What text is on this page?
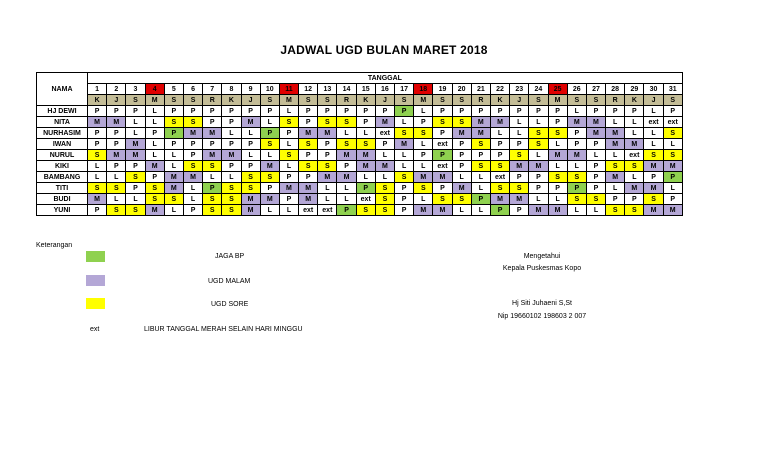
JADWAL UGD BULAN MARET 2018
NAMA	TANGGAL																														
	1	2	3	4	5	6	7	8	9	10	11	12	13	14	15	16	17	18	19	20	21	22	23	24	25	26	27	28	29	30	31
	K	J	S	M	S	S	R	K	J	S	M	S	S	R	K	J	S	M	S	S	R	K	J	S	M	S	S	R	K	J	S
HJ DEWI	P	P	P	L	P	P	P	P	P	P	L	P	P	P	P	P	P	L	P	P	P	P	P	P	P	L	P	P	P	L	P
NITA	M	M	L	L	S	S	P	P	M	L	S	P	S	S	P	M	L	P	S	S	M	M	L	L	P	M	M	L	L	ext	ext
NURHASIM	P	P	L	P	P	M	M	L	L	P	P	M	M	L	L	ext	S	S	P	M	M	L	L	S	S	P	M	M	L	L	S
IWAN	P	P	M	L	P	P	P	P	P	S	L	S	P	S	S	P	M	L	ext	P	S	P	P	S	L	P	P	M	M	L	L
NURUL	S	M	M	L	L	P	M	M	L	L	S	P	P	M	M	L	L	P	P	P	P	P	S	L	M	M	L	L	ext	S	S
KIKI	L	P	P	M	L	S	S	P	P	M	L	S	S	P	M	M	L	L	ext	P	S	S	M	M	L	L	P	S	S	M	M
BAMBANG	L	L	S	P	M	M	L	L	S	S	P	P	M	M	L	L	S	M	M	L	L	ext	P	P	S	S	P	M	L	P	P
TITI	S	S	P	S	M	L	P	S	S	P	M	M	L	L	P	S	P	S	P	M	L	S	S	P	P	P	P	L	M	M	L
BUDI	M	L	L	S	S	L	S	S	M	M	P	M	L	L	ext	S	P	L	S	S	P	M	M	L	L	S	S	P	P	S	P
YUNI	P	S	S	M	L	P	S	S	M	L	L	ext	ext	P	S	S	P	M	M	L	L	P	P	M	M	L	L	S	S	M	M
Keterangan
JAGA BP
UGD MALAM
UGD SORE
ext	LIBUR TANGGAL MERAH SELAIN HARI MINGGU
Mengetahui
Kepala Puskesmas Kopo
Hj Siti Juhaeni S,St
Nip 19660102 198603 2 007
